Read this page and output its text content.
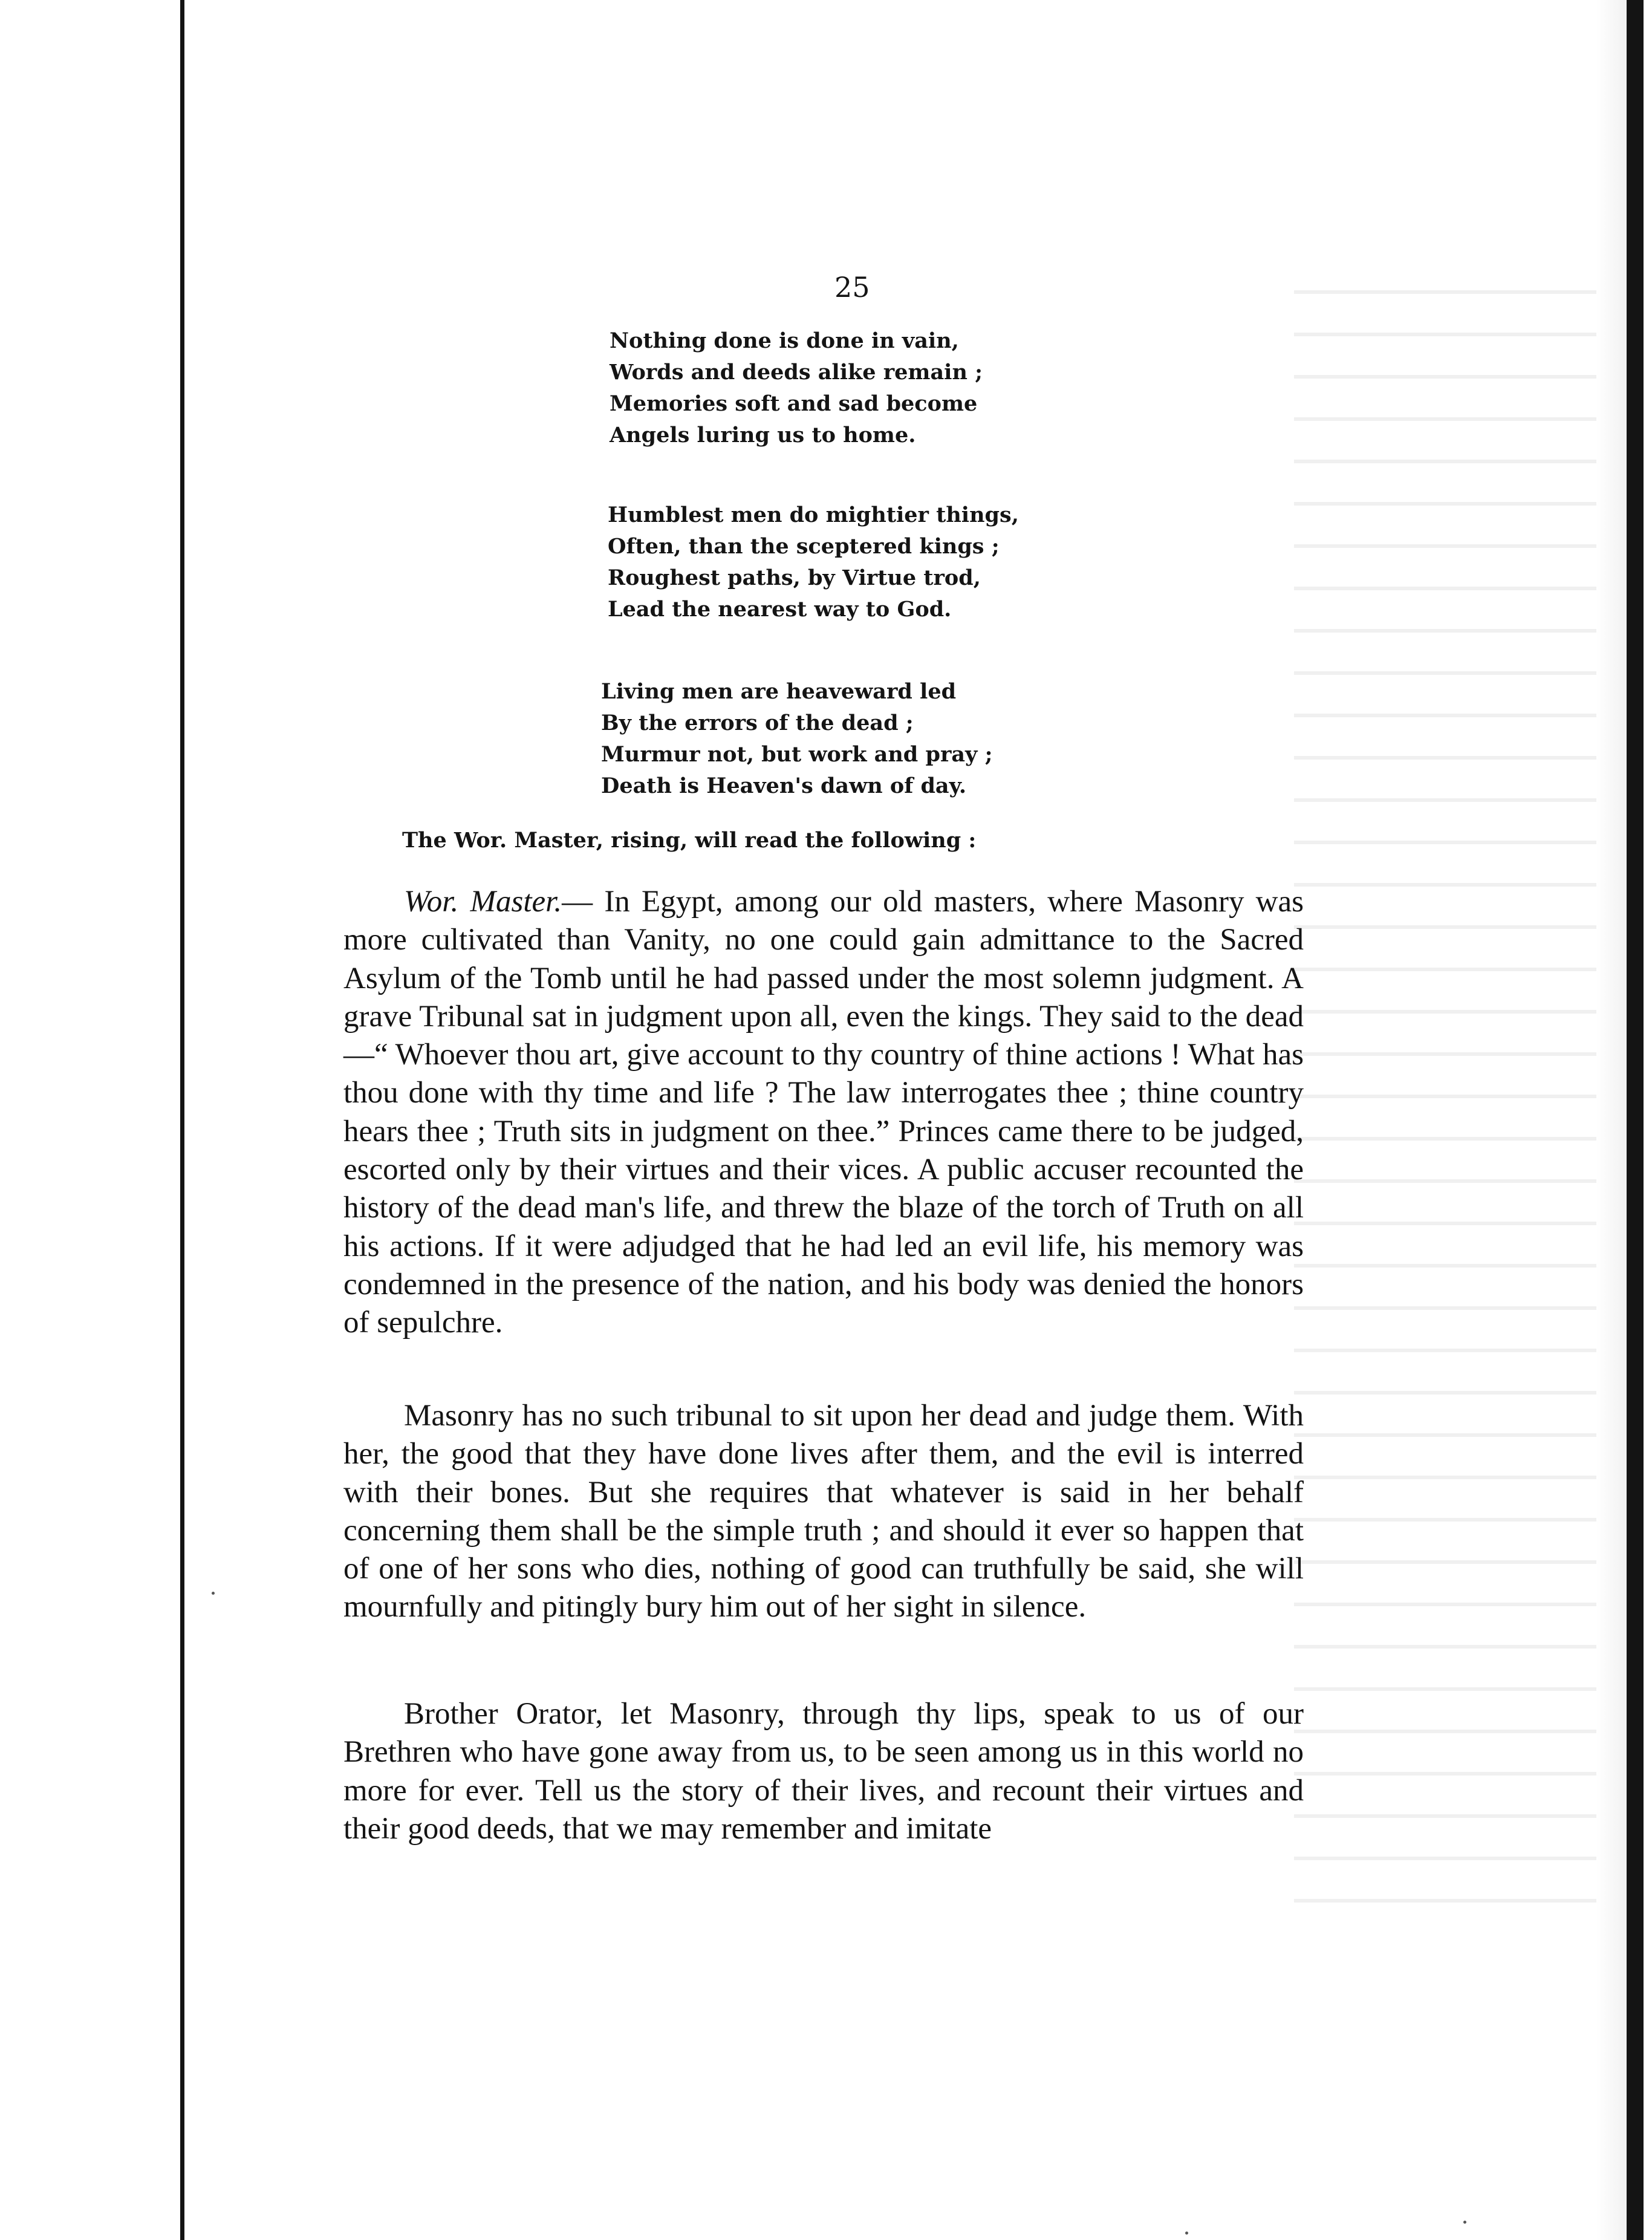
25
Nothing done is done in vain,
Words and deeds alike remain ;
Memories soft and sad become
Angels luring us to home.
Humblest men do mightier things,
Often, than the sceptered kings ;
Roughest paths, by Virtue trod,
Lead the nearest way to God.
Living men are heaveward led
By the errors of the dead ;
Murmur not, but work and pray ;
Death is Heaven's dawn of day.
The Wor. Master, rising, will read the following :

Wor. Master.— In Egypt, among our old masters, where Masonry was more cultivated than Vanity, no one could gain admittance to the Sacred Asylum of the Tomb until he had passed under the most solemn judgment. A grave Tribunal sat in judgment upon all, even the kings. They said to the dead—“ Whoever thou art, give account to thy country of thine actions ! What has thou done with thy time and life ? The law interrogates thee ; thine country hears thee ; Truth sits in judgment on thee.” Princes came there to be judged, escorted only by their virtues and their vices. A public accuser recounted the history of the dead man's life, and threw the blaze of the torch of Truth on all his actions. If it were adjudged that he had led an evil life, his memory was condemned in the presence of the nation, and his body was denied the honors of sepulchre.

Masonry has no such tribunal to sit upon her dead and judge them. With her, the good that they have done lives after them, and the evil is interred with their bones. But she requires that whatever is said in her behalf concerning them shall be the simple truth ; and should it ever so happen that of one of her sons who dies, nothing of good can truthfully be said, she will mournfully and pitingly bury him out of her sight in silence.

Brother Orator, let Masonry, through thy lips, speak to us of our Brethren who have gone away from us, to be seen among us in this world no more for ever. Tell us the story of their lives, and recount their virtues and their good deeds, that we may remember and imitate
